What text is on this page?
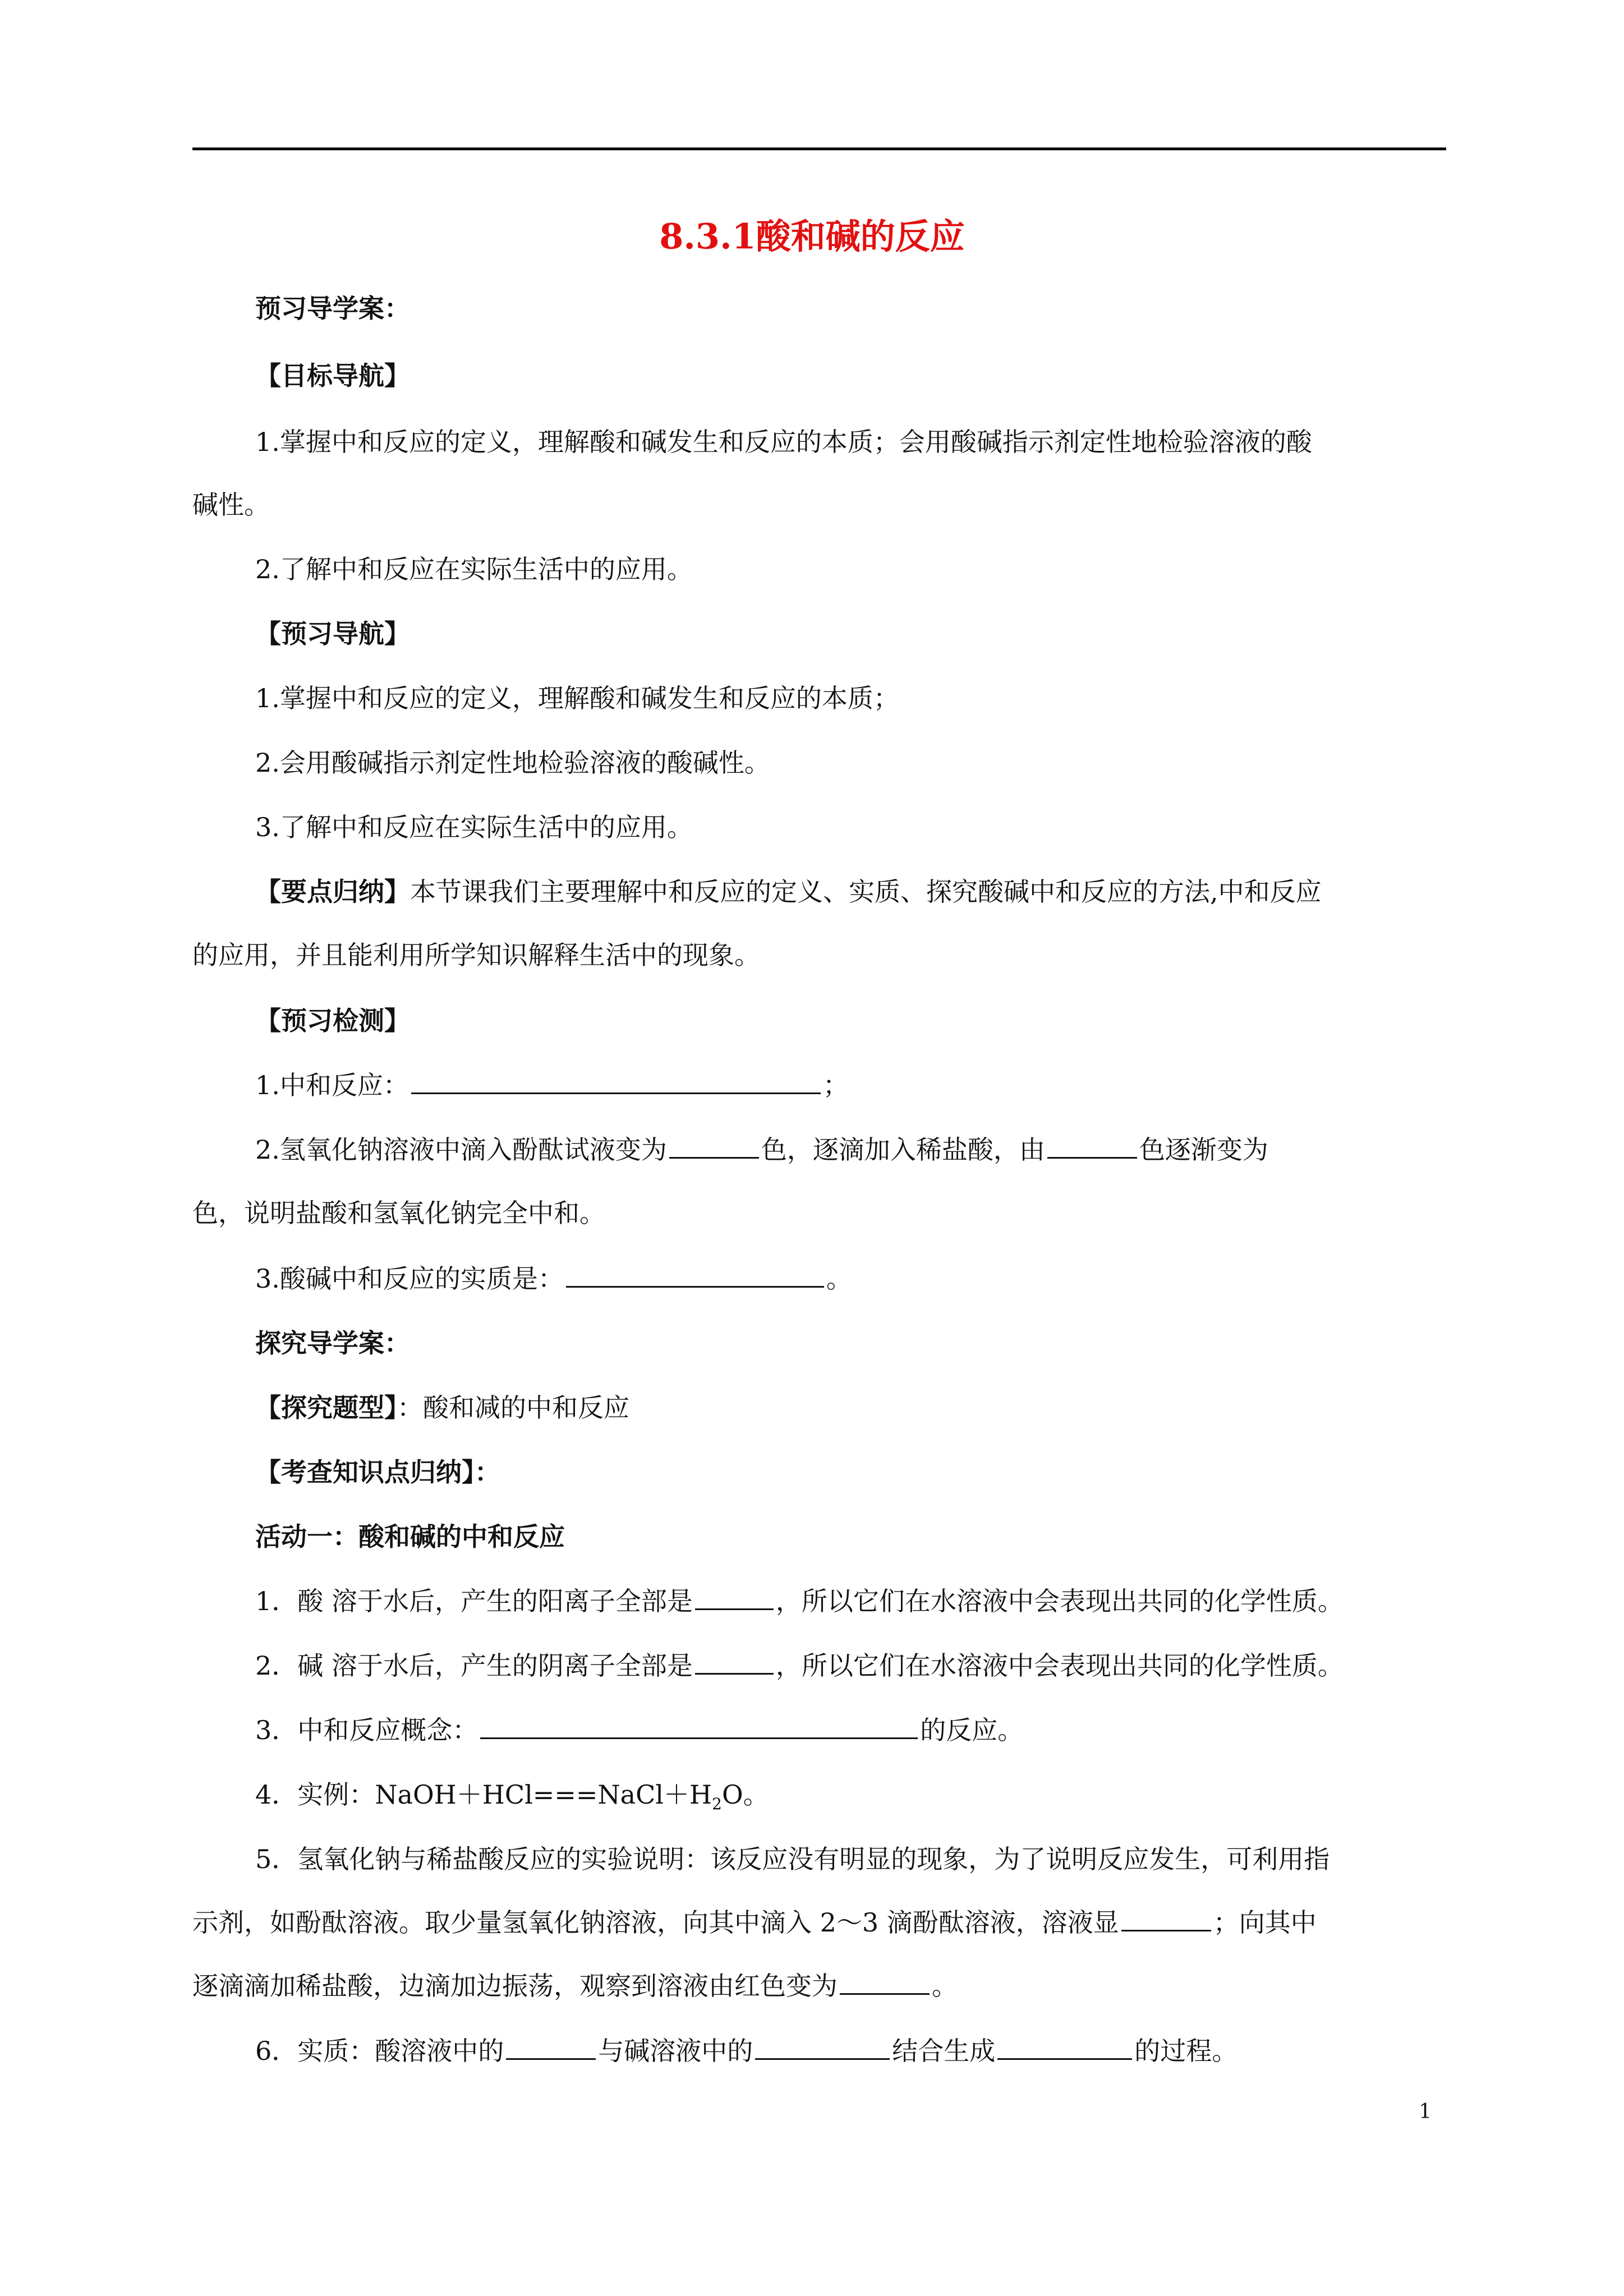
8.3.1酸和碱的反应
预习导学案：
【目标导航】
1.掌握中和反应的定义，理解酸和碱发生和反应的本质；会用酸碱指示剂定性地检验溶液的酸
碱性。
2.了解中和反应在实际生活中的应用。
【预习导航】
1.掌握中和反应的定义，理解酸和碱发生和反应的本质；
2.会用酸碱指示剂定性地检验溶液的酸碱性。
3.了解中和反应在实际生活中的应用。
【要点归纳】本节课我们主要理解中和反应的定义、实质、探究酸碱中和反应的方法,中和反应
的应用，并且能利用所学知识解释生活中的现象。
【预习检测】
1.中和反应：	；
2.氢氧化钠溶液中滴入酚酞试液变为	色，逐滴加入稀盐酸，由	色逐渐变为
色，说明盐酸和氢氧化钠完全中和。
3.酸碱中和反应的实质是：	。
探究导学案：
【探究题型】：酸和减的中和反应
【考查知识点归纳】：
活动一：酸和碱的中和反应
1．酸 溶于水后，产生的阳离子全部是	，所以它们在水溶液中会表现出共同的化学性质。
2．碱 溶于水后，产生的阴离子全部是	，所以它们在水溶液中会表现出共同的化学性质。
3．中和反应概念：	的反应。
4．实例：$NaOH+HCl===NaCl+H_2O$。
5．氢氧化钠与稀盐酸反应的实验说明：该反应没有明显的现象，为了说明反应发生，可利用指
示剂，如酚酞溶液。取少量氢氧化钠溶液，向其中滴入 2～3 滴酚酞溶液，溶液显	；向其中
逐滴滴加稀盐酸，边滴加边振荡，观察到溶液由红色变为	。
6．实质：酸溶液中的	与碱溶液中的	结合生成	的过程。
1
